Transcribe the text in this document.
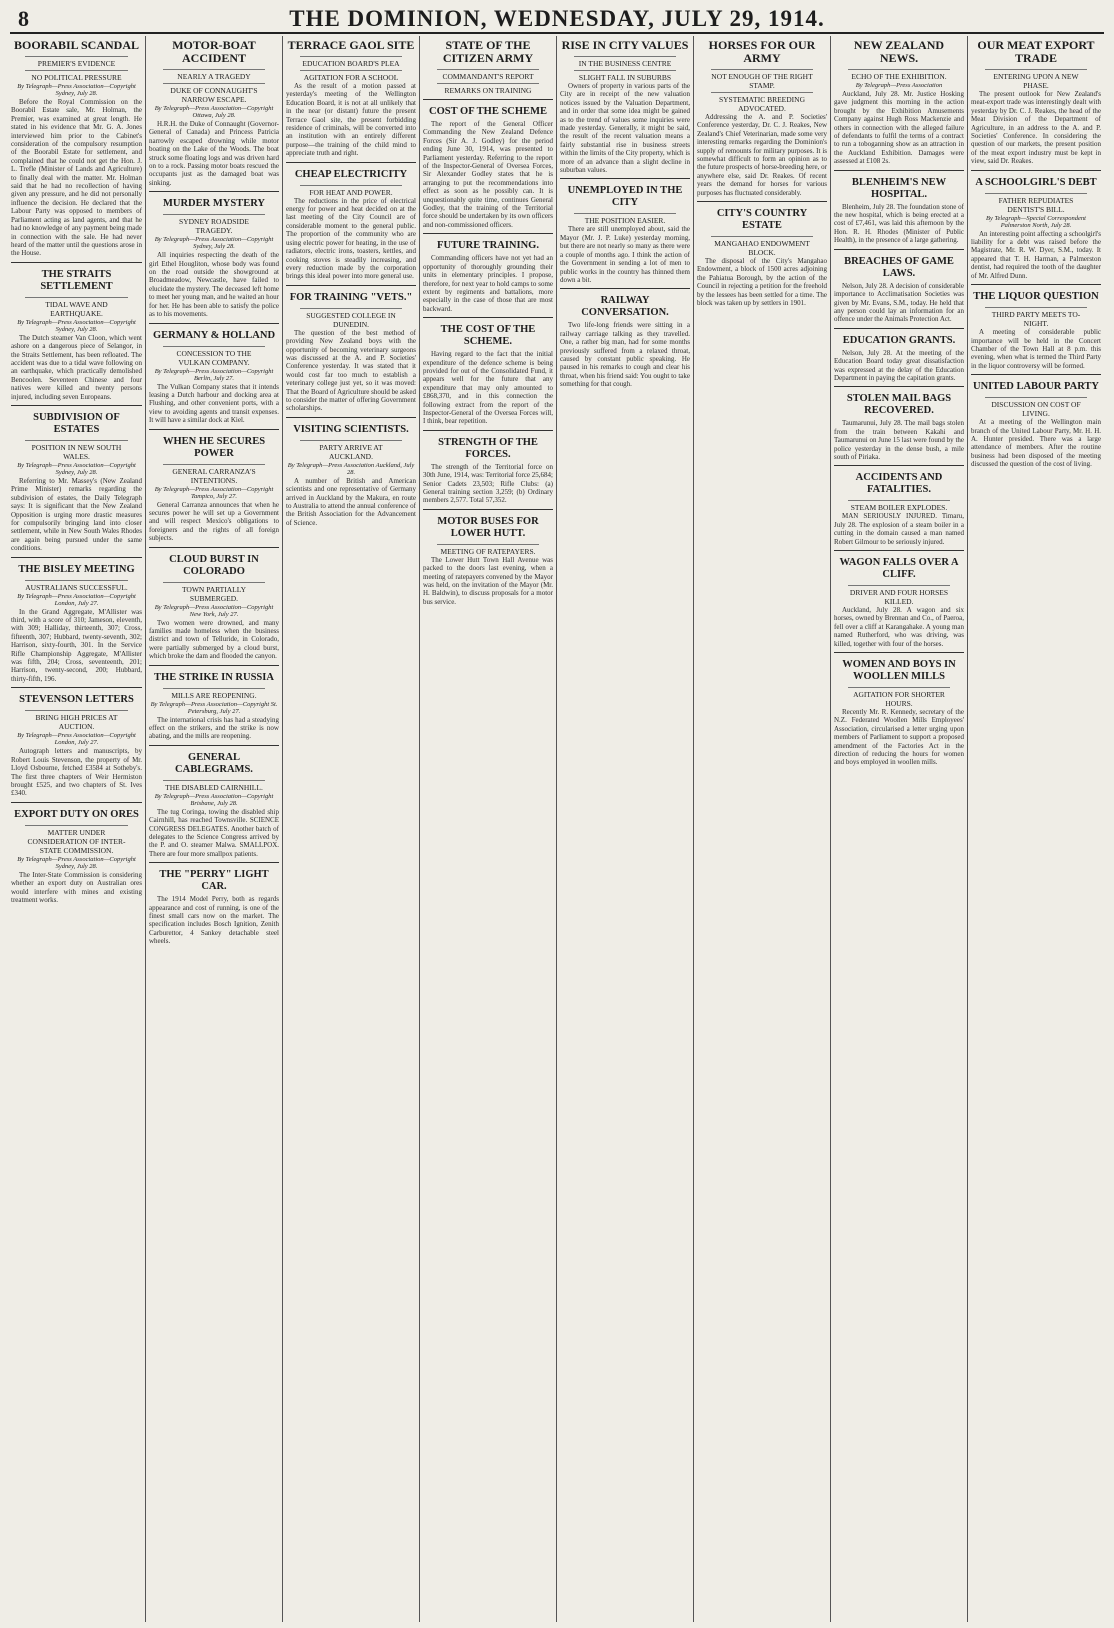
8	THE DOMINION, WEDNESDAY, JULY 29, 1914.
BOORABIL SCANDAL
PREMIER'S EVIDENCE
NO POLITICAL PRESSURE
By Telegraph—Press Association—Copyright Sydney, July 28.

Before the Royal Commission on the Boorabil Estate sale, Mr. Holman, the Premier, was examined at great length. He stated in his evidence that Mr. G. A. Jones interviewed him prior to the Cabinet's consideration of the compulsory resumption of the Boorabil Estate for settlement, and complained that he could not get the Hon. J. L. Trefle (Minister of Lands and Agriculture) to finally deal with the matter. Mr. Holman said that he had no recollection of having given any pressure, and he did not personally influence the decision. He declared that the Labour Party was opposed to members of Parliament acting as land agents, and that he had no knowledge of any payment being made in connection with the sale. He had never heard of the matter until the questions arose in the House.

THE STRAITS SETTLEMENT
TIDAL WAVE AND EARTHQUAKE.
By Telegraph—Press Association—Copyright Sydney, July 28.

The Dutch steamer Van Cloon, which went ashore on a dangerous piece of Selangor, in the Straits Settlement, has been refloated. The accident was due to a tidal wave following on an earthquake, which practically demolished Bencoolen. Seventeen Chinese and four natives were killed and twenty persons injured, including seven Europeans.

SUBDIVISION OF ESTATES
POSITION IN NEW SOUTH WALES.
By Telegraph—Press Association—Copyright Sydney, July 28.

Referring to Mr. Massey's (New Zealand Prime Minister) remarks regarding the subdivision of estates, the Daily Telegraph says: It is significant that the New Zealand Opposition is urging more drastic measures for compulsorily bringing land into closer settlement, while in New South Wales Rhodes are again being pursued under the same conditions.

THE BISLEY MEETING
AUSTRALIANS SUCCESSFUL.
By Telegraph—Press Association—Copyright London, July 27.

In the Grand Aggregate, M'Allister was third, with a score of 310; Jameson, eleventh, with 309; Halliday, thirteenth, 307; Cross, fifteenth, 307; Hubbard, twenty-seventh, 302; Harrison, sixty-fourth, 301. In the Service Rifle Championship Aggregate, M'Allister was fifth, 204; Cross, seventeenth, 201; Harrison, twenty-second, 200; Hubbard, thirty-fifth, 196.

STEVENSON LETTERS
BRING HIGH PRICES AT AUCTION.
By Telegraph—Press Association—Copyright London, July 27.

Autograph letters and manuscripts, by Robert Louis Stevenson, the property of Mr. Lloyd Osbourne, fetched £3584 at Sotheby's. The first three chapters of Weir Hermiston brought £525, and two chapters of St. Ives £340.

EXPORT DUTY ON ORES
MATTER UNDER CONSIDERATION OF INTER-STATE COMMISSION.
By Telegraph—Press Association—Copyright Sydney, July 28.

The Inter-State Commission is considering whether an export duty on Australian ores would interfere with mines and existing treatment works.

MOTOR-BOAT ACCIDENT
NEARLY A TRAGEDY
DUKE OF CONNAUGHT'S NARROW ESCAPE.
By Telegraph—Press Association—Copyright Ottawa, July 28.

H.R.H. the Duke of Connaught (Governor-General of Canada) and Princess Patricia narrowly escaped drowning while motor boating on the Lake of the Woods. The boat struck some floating logs and was driven hard on to a rock. Passing motor boats rescued the occupants just as the damaged boat was sinking.

MURDER MYSTERY
SYDNEY ROADSIDE TRAGEDY.
By Telegraph—Press Association—Copyright Sydney, July 28.

All inquiries respecting the death of the girl Ethel Hougliton, whose body was found on the road outside the showground at Broadmeadow, Newcastle, have failed to elucidate the mystery. The deceased left home to meet her young man, and he waited an hour for her. He has been able to satisfy the police as to his movements.

GERMANY & HOLLAND
CONCESSION TO THE VULKAN COMPANY.
By Telegraph—Press Association—Copyright Berlin, July 27.

The Vulkan Company states that it intends leasing a Dutch harbour and docking area at Flushing, and other convenient ports, with a view to avoiding agents and transit expenses. It will have a similar dock at Kiel.

WHEN HE SECURES POWER
GENERAL CARRANZA'S INTENTIONS.
By Telegraph—Press Association—Copyright Tampico, July 27.

General Carranza announces that when he secures power he will set up a Government and will respect Mexico's obligations to foreigners and the rights of all foreign subjects.

CLOUD BURST IN COLORADO
TOWN PARTIALLY SUBMERGED.
By Telegraph—Press Association—Copyright New York, July 27.

Two women were drowned, and many families made homeless when the business district and town of Telluride, in Colorado, were partially submerged by a cloud burst, which broke the dam and flooded the canyon.

THE STRIKE IN RUSSIA
MILLS ARE REOPENING.
By Telegraph—Press Association—Copyright St. Petersburg, July 27.

The international crisis has had a steadying effect on the strikers, and the strike is now abating, and the mills are reopening.

GENERAL CABLEGRAMS.
THE DISABLED CAIRNHILL.
By Telegraph—Press Association—Copyright Brisbane, July 28.

The tug Coringa, towing the disabled ship Cairnhill, has reached Townsville. SCIENCE CONGRESS DELEGATES. Another batch of delegates to the Science Congress arrived by the P. and O. steamer Malwa. SMALLPOX. There are four more smallpox patients.

THE "PERRY" LIGHT CAR.

The 1914 Model Perry, both as regards appearance and cost of running, is one of the finest small cars now on the market. The specification includes Bosch Ignition, Zenith Carburettor, 4 Sankey detachable steel wheels.

TERRACE GAOL SITE
EDUCATION BOARD'S PLEA
AGITATION FOR A SCHOOL

As the result of a motion passed at yesterday's meeting of the Wellington Education Board, it is not at all unlikely that in the near (or distant) future the present Terrace Gaol site, the present forbidding residence of criminals, will be converted into an institution with an entirely different purpose—the training of the child mind to appreciate truth and right.

CHEAP ELECTRICITY
FOR HEAT AND POWER.

The reductions in the price of electrical energy for power and heat decided on at the last meeting of the City Council are of considerable moment to the general public. The proportion of the community who are using electric power for heating, in the use of radiators, electric irons, toasters, kettles, and cooking stoves is steadily increasing, and every reduction made by the corporation brings this ideal power into more general use.

FOR TRAINING "VETS."
SUGGESTED COLLEGE IN DUNEDIN.

The question of the best method of providing New Zealand boys with the opportunity of becoming veterinary surgeons was discussed at the A. and P. Societies' Conference yesterday. It was stated that it would cost far too much to establish a veterinary college just yet, so it was moved: That the Board of Agriculture should be asked to consider the matter of offering Government scholarships.

VISITING SCIENTISTS.
PARTY ARRIVE AT AUCKLAND.
By Telegraph—Press Association Auckland, July 28.

A number of British and American scientists and one representative of Germany arrived in Auckland by the Makura, en route to Australia to attend the annual conference of the British Association for the Advancement of Science.

STATE OF THE CITIZEN ARMY
COMMANDANT'S REPORT
REMARKS ON TRAINING
COST OF THE SCHEME

The report of the General Officer Commanding the New Zealand Defence Forces (Sir A. J. Godley) for the period ending June 30, 1914, was presented to Parliament yesterday. Referring to the report of the Inspector-General of Oversea Forces, Sir Alexander Godley states that he is arranging to put the recommendations into effect as soon as he possibly can. It is unquestionably quite time, continues General Godley, that the training of the Territorial force should be undertaken by its own officers and non-commissioned officers.

FUTURE TRAINING.

Commanding officers have not yet had an opportunity of thoroughly grounding their units in elementary principles. I propose, therefore, for next year to hold camps to some extent by regiments and battalions, more especially in the case of those that are most backward.

THE COST OF THE SCHEME.

Having regard to the fact that the initial expenditure of the defence scheme is being provided for out of the Consolidated Fund, it appears well for the future that any expenditure that may only amounted to £868,370, and in this connection the following extract from the report of the Inspector-General of the Oversea Forces will, I think, bear repetition.

STRENGTH OF THE FORCES.

The strength of the Territorial force on 30th June, 1914, was: Territorial force 25,684; Senior Cadets 23,503; Rifle Clubs: (a) General training section 3,259; (b) Ordinary members 2,577. Total 57,352.

MOTOR BUSES FOR LOWER HUTT.
MEETING OF RATEPAYERS.

The Lower Hutt Town Hall Avenue was packed to the doors last evening, when a meeting of ratepayers convened by the Mayor was held, on the invitation of the Mayor (Mr. H. Baldwin), to discuss proposals for a motor bus service.

RISE IN CITY VALUES
IN THE BUSINESS CENTRE
SLIGHT FALL IN SUBURBS

Owners of property in various parts of the City are in receipt of the new valuation notices issued by the Valuation Department, and in order that some idea might be gained as to the trend of values some inquiries were made yesterday. Generally, it might be said, the result of the recent valuation means a fairly substantial rise in business streets within the limits of the City property, which is more of an advance than a slight decline in suburban values.

UNEMPLOYED IN THE CITY
THE POSITION EASIER.

There are still unemployed about, said the Mayor (Mr. J. P. Luke) yesterday morning, but there are not nearly so many as there were a couple of months ago. I think the action of the Government in sending a lot of men to public works in the country has thinned them down a bit.

RAILWAY CONVERSATION.

Two life-long friends were sitting in a railway carriage talking as they travelled. One, a rather big man, had for some months previously suffered from a relaxed throat, caused by constant public speaking. He paused in his remarks to cough and clear his throat, when his friend said: You ought to take something for that cough.

HORSES FOR OUR ARMY
NOT ENOUGH OF THE RIGHT STAMP.
SYSTEMATIC BREEDING ADVOCATED.

Addressing the A. and P. Societies' Conference yesterday, Dr. C. J. Reakes, New Zealand's Chief Veterinarian, made some very interesting remarks regarding the Dominion's supply of remounts for military purposes. It is somewhat difficult to form an opinion as to the future prospects of horse-breeding here, or anywhere else, said Dr. Reakes. Of recent years the demand for horses for various purposes has fluctuated considerably.

CITY'S COUNTRY ESTATE
MANGAHAO ENDOWMENT BLOCK.

The disposal of the City's Mangahao Endowment, a block of 1500 acres adjoining the Pahiatua Borough, by the action of the Council in rejecting a petition for the freehold by the lessees has been settled for a time. The block was taken up by settlers in 1901.

NEW ZEALAND NEWS.
ECHO OF THE EXHIBITION.
By Telegraph—Press Association

Auckland, July 28. Mr. Justice Hosking gave judgment this morning in the action brought by the Exhibition Amusements Company against Hugh Ross Mackenzie and others in connection with the alleged failure of defendants to fulfil the terms of a contract to run a toboganning show as an attraction in the Auckland Exhibition. Damages were assessed at £108 2s.

BLENHEIM'S NEW HOSPITAL.

Blenheim, July 28. The foundation stone of the new hospital, which is being erected at a cost of £7,461, was laid this afternoon by the Hon. R. H. Rhodes (Minister of Public Health), in the presence of a large gathering.

BREACHES OF GAME LAWS.

Nelson, July 28. A decision of considerable importance to Acclimatisation Societies was given by Mr. Evans, S.M., today. He held that any person could lay an information for an offence under the Animals Protection Act.

EDUCATION GRANTS.

Nelson, July 28. At the meeting of the Education Board today great dissatisfaction was expressed at the delay of the Education Department in paying the capitation grants.

STOLEN MAIL BAGS RECOVERED.

Taumarunui, July 28. The mail bags stolen from the train between Kakahi and Taumarunui on June 15 last were found by the police yesterday in the dense bush, a mile south of Piriaka.

ACCIDENTS AND FATALITIES.
STEAM BOILER EXPLODES.

MAN SERIOUSLY INJURED. Timaru, July 28. The explosion of a steam boiler in a cutting in the domain caused a man named Robert Gilmour to be seriously injured.

WAGON FALLS OVER A CLIFF.
DRIVER AND FOUR HORSES KILLED.

Auckland, July 28. A wagon and six horses, owned by Brennan and Co., of Paeroa, fell over a cliff at Karangahake. A young man named Rutherford, who was driving, was killed, together with four of the horses.

WOMEN AND BOYS IN WOOLLEN MILLS
AGITATION FOR SHORTER HOURS.

Recently Mr. R. Kennedy, secretary of the N.Z. Federated Woollen Mills Employees' Association, circularised a letter urging upon members of Parliament to support a proposed amendment of the Factories Act in the direction of reducing the hours for women and boys employed in woollen mills.

OUR MEAT EXPORT TRADE
ENTERING UPON A NEW PHASE.

The present outlook for New Zealand's meat-export trade was interestingly dealt with yesterday by Dr. C. J. Reakes, the head of the Meat Division of the Department of Agriculture, in an address to the A. and P. Societies' Conference. In considering the question of our markets, the present position of the meat export industry must be kept in view, said Dr. Reakes.

A SCHOOLGIRL'S DEBT
FATHER REPUDIATES DENTIST'S BILL.
By Telegraph—Special Correspondent Palmerston North, July 28.

An interesting point affecting a schoolgirl's liability for a debt was raised before the Magistrate, Mr. R. W. Dyer, S.M., today. It appeared that T. H. Harman, a Palmerston dentist, had required the tooth of the daughter of Mr. Alfred Dunn.

THE LIQUOR QUESTION
THIRD PARTY MEETS TO-NIGHT.

A meeting of considerable public importance will be held in the Concert Chamber of the Town Hall at 8 p.m. this evening, when what is termed the Third Party in the liquor controversy will be formed.

UNITED LABOUR PARTY
DISCUSSION ON COST OF LIVING.

At a meeting of the Wellington main branch of the United Labour Party, Mr. H. H. A. Hunter presided. There was a large attendance of members. After the routine business had been disposed of the meeting discussed the question of the cost of living.
